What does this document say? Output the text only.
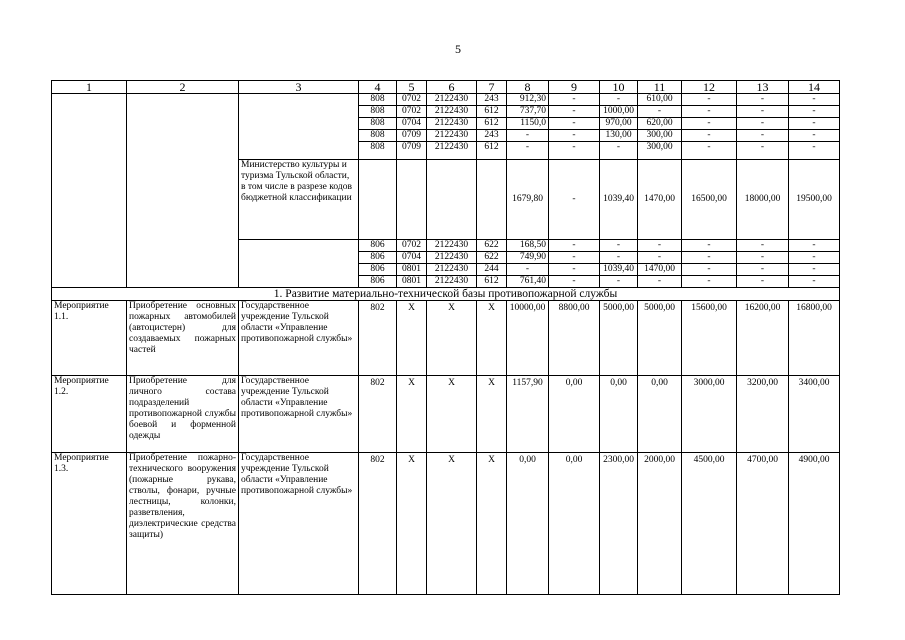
5
1	2	3	4	5	6	7	8	9	10	11	12	13	14
			808	0702	2122430	243	912,30	-	-	610,00	-	-	-
			808	0702	2122430	612	737,70	-	1000,00	-	-	-	-
			808	0704	2122430	612	1150,0	-	970,00	620,00	-	-	-
			808	0709	2122430	243	-	-	130,00	300,00	-	-	-
			808	0709	2122430	612	-	-	-	300,00	-	-	-
		Министерство культуры и туризма Тульской области, в том числе в разрезе кодов бюджетной классификации					1679,80	-	1039,40	1470,00	16500,00	18000,00	19500,00
			806	0702	2122430	622	168,50	-	-	-	-	-	-
			806	0704	2122430	622	749,90	-	-	-	-	-	-
			806	0801	2122430	244	-	-	1039,40	1470,00	-	-	-
			806	0801	2122430	612	761,40	-	-	-	-	-	-
1. Развитие материально-технической базы противопожарной службы													
Мероприятие 1.1.	Приобретение основных пожарных автомобилей (автоцистерн) для создаваемых пожарных частей	Государственное учреждение Тульской области «Управление противопожарной службы»	802	Х	Х	Х	10000,00	8800,00	5000,00	5000,00	15600,00	16200,00	16800,00
Мероприятие 1.2.	Приобретение для личного состава подразделений противопожарной службы боевой и форменной одежды	Государственное учреждение Тульской области «Управление противопожарной службы»	802	Х	Х	Х	1157,90	0,00	0,00	0,00	3000,00	3200,00	3400,00
Мероприятие 1.3.	Приобретение пожарно-технического вооружения (пожарные рукава, стволы, фонари, ручные лестницы, колонки, разветвления, диэлектрические средства защиты)	Государственное учреждение Тульской области «Управление противопожарной службы»	802	Х	Х	Х	0,00	0,00	2300,00	2000,00	4500,00	4700,00	4900,00
